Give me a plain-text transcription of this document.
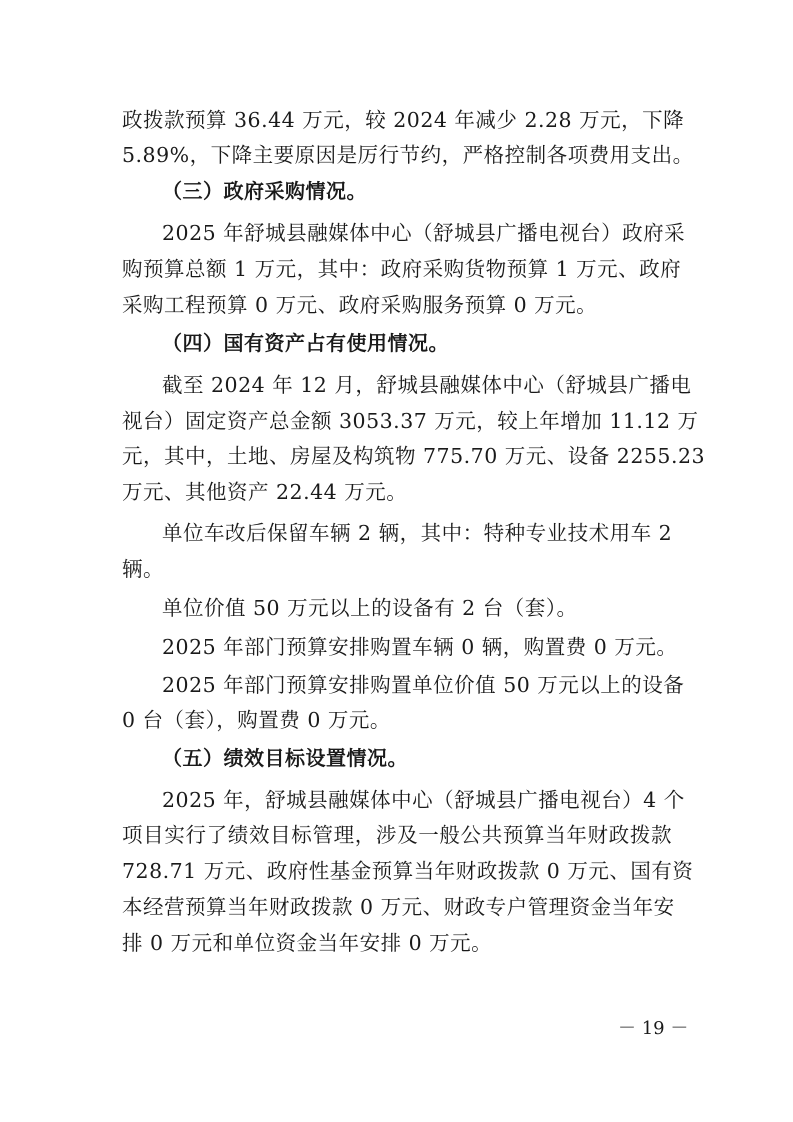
政拨款预算 36.44 万元，较 2024 年减少 2.28 万元，下降
5.89%，下降主要原因是厉行节约，严格控制各项费用支出。
（三）政府采购情况。
2025 年舒城县融媒体中心（舒城县广播电视台）政府采
购预算总额 1 万元，其中：政府采购货物预算 1 万元、政府
采购工程预算 0 万元、政府采购服务预算 0 万元。
（四）国有资产占有使用情况。
截至 2024 年 12 月，舒城县融媒体中心（舒城县广播电
视台）固定资产总金额 3053.37 万元，较上年增加 11.12 万
元，其中，土地、房屋及构筑物 775.70 万元、设备 2255.23
万元、其他资产 22.44 万元。
单位车改后保留车辆 2 辆，其中：特种专业技术用车 2
辆。
单位价值 50 万元以上的设备有 2 台（套）。
2025 年部门预算安排购置车辆 0 辆，购置费 0 万元。
2025 年部门预算安排购置单位价值 50 万元以上的设备
0 台（套），购置费 0 万元。
（五）绩效目标设置情况。
2025 年，舒城县融媒体中心（舒城县广播电视台）4 个
项目实行了绩效目标管理，涉及一般公共预算当年财政拨款
728.71 万元、政府性基金预算当年财政拨款 0 万元、国有资
本经营预算当年财政拨款 0 万元、财政专户管理资金当年安
排 0 万元和单位资金当年安排 0 万元。
－ 19 －
